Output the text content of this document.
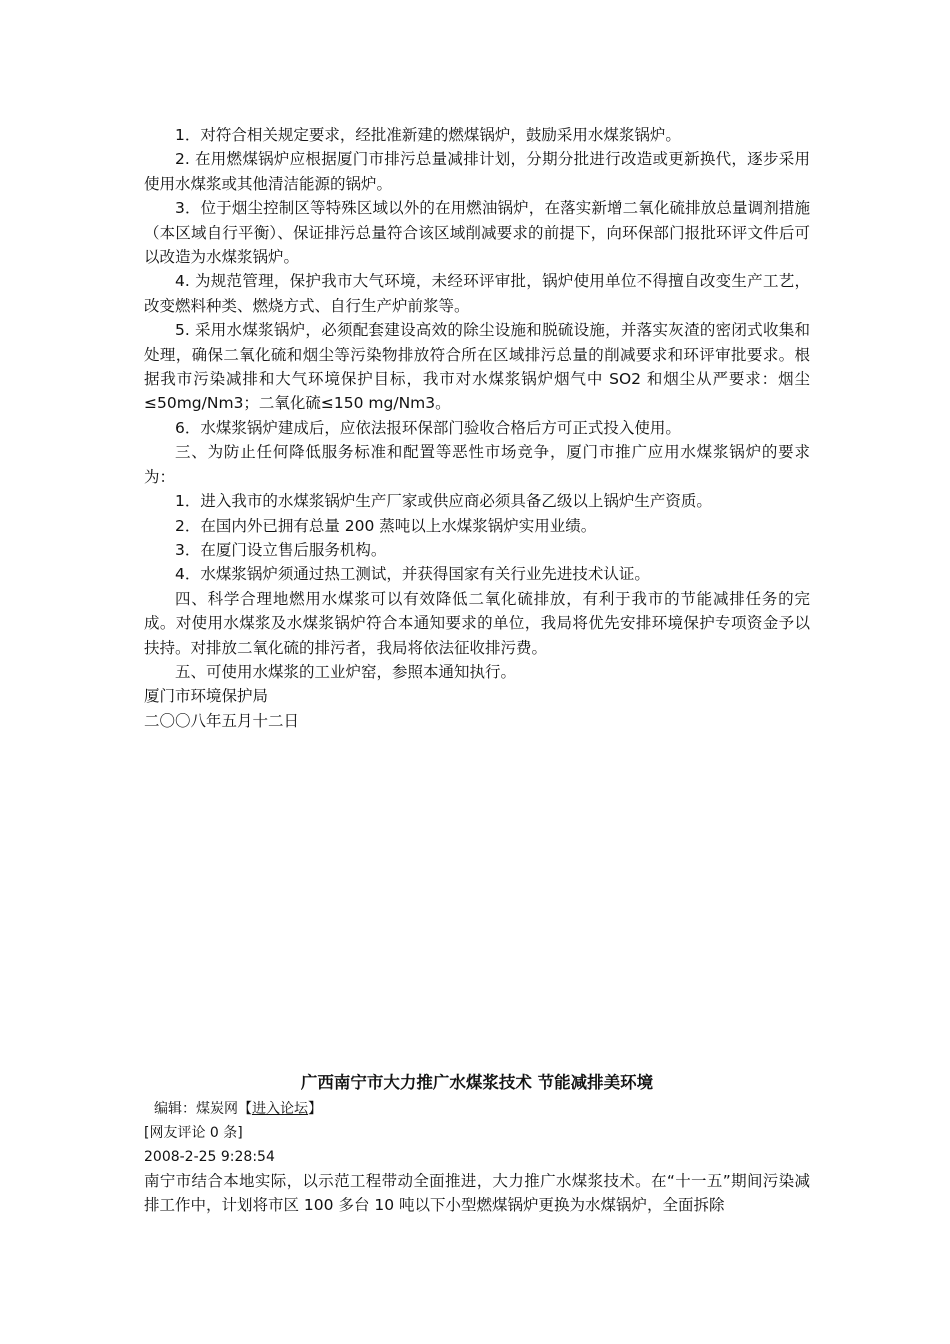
1．对符合相关规定要求，经批准新建的燃煤锅炉，鼓励采用水煤浆锅炉。

2. 在用燃煤锅炉应根据厦门市排污总量减排计划，分期分批进行改造或更新换代，逐步采用使用水煤浆或其他清洁能源的锅炉。

3．位于烟尘控制区等特殊区域以外的在用燃油锅炉，在落实新增二氧化硫排放总量调剂措施（本区域自行平衡）、保证排污总量符合该区域削减要求的前提下，向环保部门报批环评文件后可以改造为水煤浆锅炉。

4. 为规范管理，保护我市大气环境，未经环评审批，锅炉使用单位不得擅自改变生产工艺，改变燃料种类、燃烧方式、自行生产炉前浆等。

5. 采用水煤浆锅炉，必须配套建设高效的除尘设施和脱硫设施，并落实灰渣的密闭式收集和处理，确保二氧化硫和烟尘等污染物排放符合所在区域排污总量的削减要求和环评审批要求。根据我市污染减排和大气环境保护目标，我市对水煤浆锅炉烟气中 SO2 和烟尘从严要求：烟尘≤50mg/Nm3；二氧化硫≤150 mg/Nm3。

6．水煤浆锅炉建成后，应依法报环保部门验收合格后方可正式投入使用。

三、为防止任何降低服务标准和配置等恶性市场竞争，厦门市推广应用水煤浆锅炉的要求为：

1．进入我市的水煤浆锅炉生产厂家或供应商必须具备乙级以上锅炉生产资质。

2．在国内外已拥有总量 200 蒸吨以上水煤浆锅炉实用业绩。

3．在厦门设立售后服务机构。

4．水煤浆锅炉须通过热工测试，并获得国家有关行业先进技术认证。

四、科学合理地燃用水煤浆可以有效降低二氧化硫排放，有利于我市的节能减排任务的完成。对使用水煤浆及水煤浆锅炉符合本通知要求的单位，我局将优先安排环境保护专项资金予以扶持。对排放二氧化硫的排污者，我局将依法征收排污费。

五、可使用水煤浆的工业炉窑，参照本通知执行。

厦门市环境保护局

二〇〇八年五月十二日

广西南宁市大力推广水煤浆技术 节能减排美环境

编辑：煤炭网【进入论坛】

[网友评论 0 条]

2008-2-25 9:28:54

南宁市结合本地实际，以示范工程带动全面推进，大力推广水煤浆技术。在“十一五”期间污染减排工作中，计划将市区 100 多台 10 吨以下小型燃煤锅炉更换为水煤锅炉，全面拆除
